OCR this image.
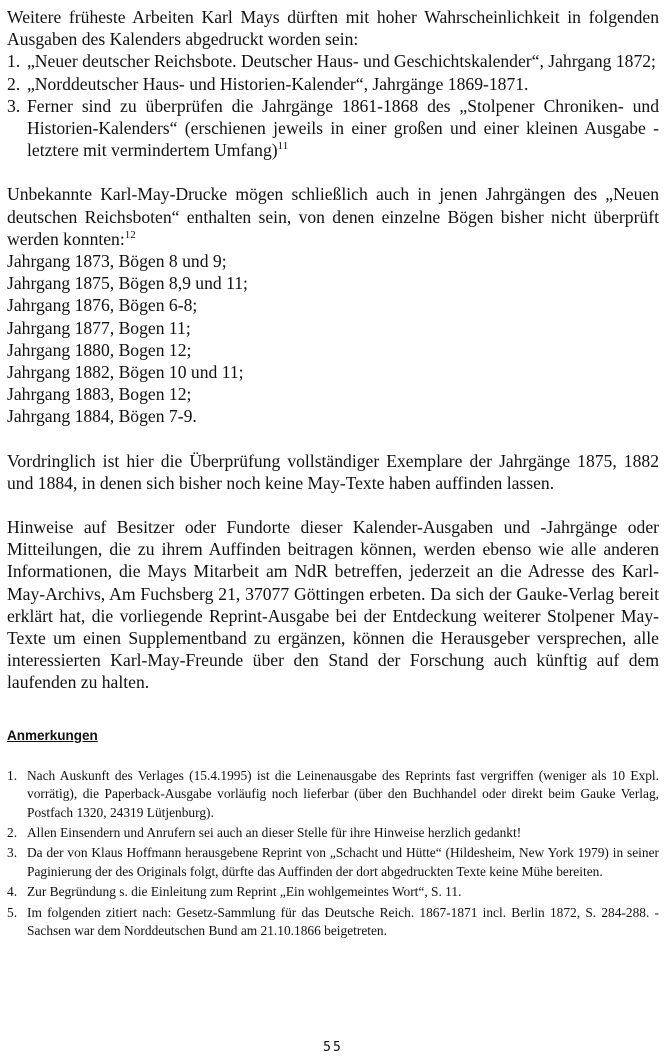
Weitere früheste Arbeiten Karl Mays dürften mit hoher Wahrscheinlichkeit in folgenden Ausgaben des Kalenders abgedruckt worden sein:

1. „Neuer deutscher Reichsbote. Deutscher Haus- und Geschichtskalender“, Jahrgang 1872;
2. „Norddeutscher Haus- und Historien-Kalender“, Jahrgänge 1869-1871.
3. Ferner sind zu überprüfen die Jahrgänge 1861-1868 des „Stolpener Chroniken- und Historien-Kalenders“ (erschienen jeweils in einer großen und einer kleinen Ausgabe - letztere mit vermindertem Umfang)$^{11}$

Unbekannte Karl-May-Drucke mögen schließlich auch in jenen Jahrgängen des „Neuen deutschen Reichsboten“ enthalten sein, von denen einzelne Bögen bisher nicht überprüft werden konnten:$^{12}$

Jahrgang 1873, Bögen 8 und 9;

Jahrgang 1875, Bögen 8,9 und 11;

Jahrgang 1876, Bögen 6-8;

Jahrgang 1877, Bogen 11;

Jahrgang 1880, Bogen 12;

Jahrgang 1882, Bögen 10 und 11;

Jahrgang 1883, Bogen 12;

Jahrgang 1884, Bögen 7-9.

Vordringlich ist hier die Überprüfung vollständiger Exemplare der Jahrgänge 1875, 1882 und 1884, in denen sich bisher noch keine May-Texte haben auffinden lassen.

Hinweise auf Besitzer oder Fundorte dieser Kalender-Ausgaben und -Jahrgänge oder Mitteilungen, die zu ihrem Auffinden beitragen können, werden ebenso wie alle anderen Informationen, die Mays Mitarbeit am NdR betreffen, jederzeit an die Adresse des Karl-May-Archivs, Am Fuchsberg 21, 37077 Göttingen erbeten. Da sich der Gauke-Verlag bereit erklärt hat, die vorliegende Reprint-Ausgabe bei der Entdeckung weiterer Stolpener May-Texte um einen Supplementband zu ergänzen, können die Herausgeber versprechen, alle interessierten Karl-May-Freunde über den Stand der Forschung auch künftig auf dem laufenden zu halten.

Anmerkungen
1. Nach Auskunft des Verlages (15.4.1995) ist die Leinenausgabe des Reprints fast vergriffen (weniger als 10 Expl. vorrätig), die Paperback-Ausgabe vorläufig noch lieferbar (über den Buchhandel oder direkt beim Gauke Verlag, Postfach 1320, 24319 Lütjenburg).
2. Allen Einsendern und Anrufern sei auch an dieser Stelle für ihre Hinweise herzlich gedankt!
3. Da der von Klaus Hoffmann herausgebene Reprint von „Schacht und Hütte“ (Hildesheim, New York 1979) in seiner Paginierung der des Originals folgt, dürfte das Auffinden der dort abgedruckten Texte keine Mühe bereiten.
4. Zur Begründung s. die Einleitung zum Reprint „Ein wohlgemeintes Wort“, S. 11.
5. Im folgenden zitiert nach: Gesetz-Sammlung für das Deutsche Reich. 1867-1871 incl. Berlin 1872, S. 284-288. - Sachsen war dem Norddeutschen Bund am 21.10.1866 beigetreten.
55
